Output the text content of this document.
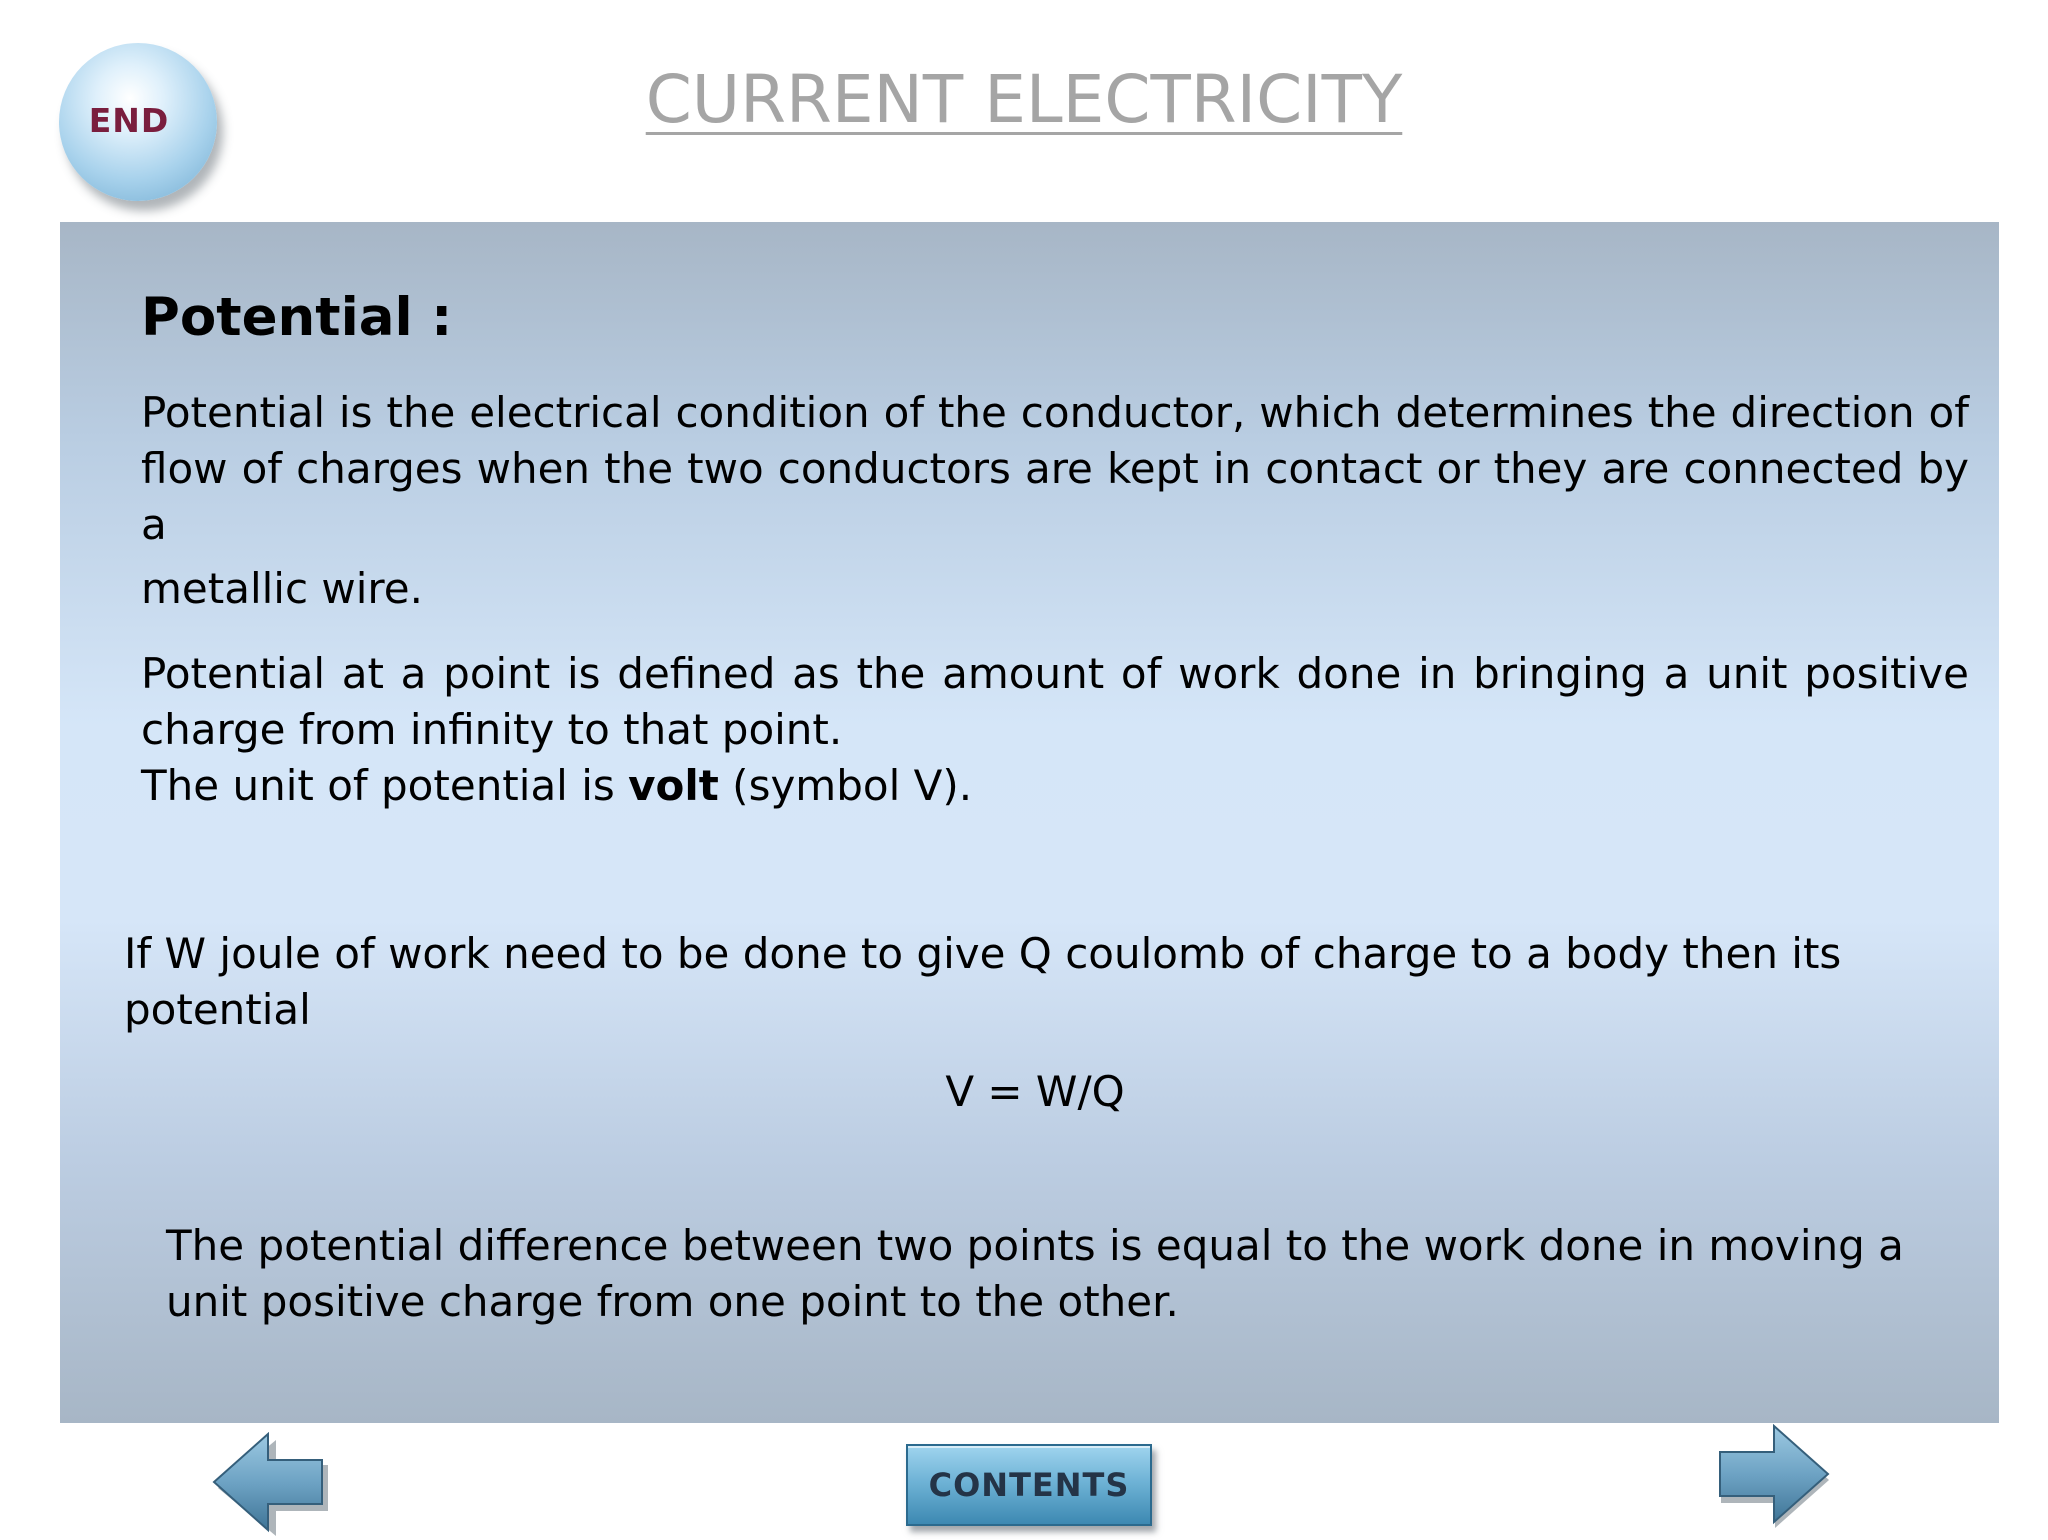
END	CURRENT ELECTRICITY
Potential :

Potential is the electrical condition of the conductor, which determines the direction of flow of charges when the two conductors are kept in contact or they are connected by a
metallic wire.

Potential at a point is defined as the amount of work done in bringing a unit positive charge from infinity to that point.

The unit of potential is volt (symbol V).

If W joule of work need to be done to give Q coulomb of charge to a body then its potential

V = W/Q

The potential difference between two points is equal to the work done in moving a unit positive charge from one point to the other.

CONTENTS
